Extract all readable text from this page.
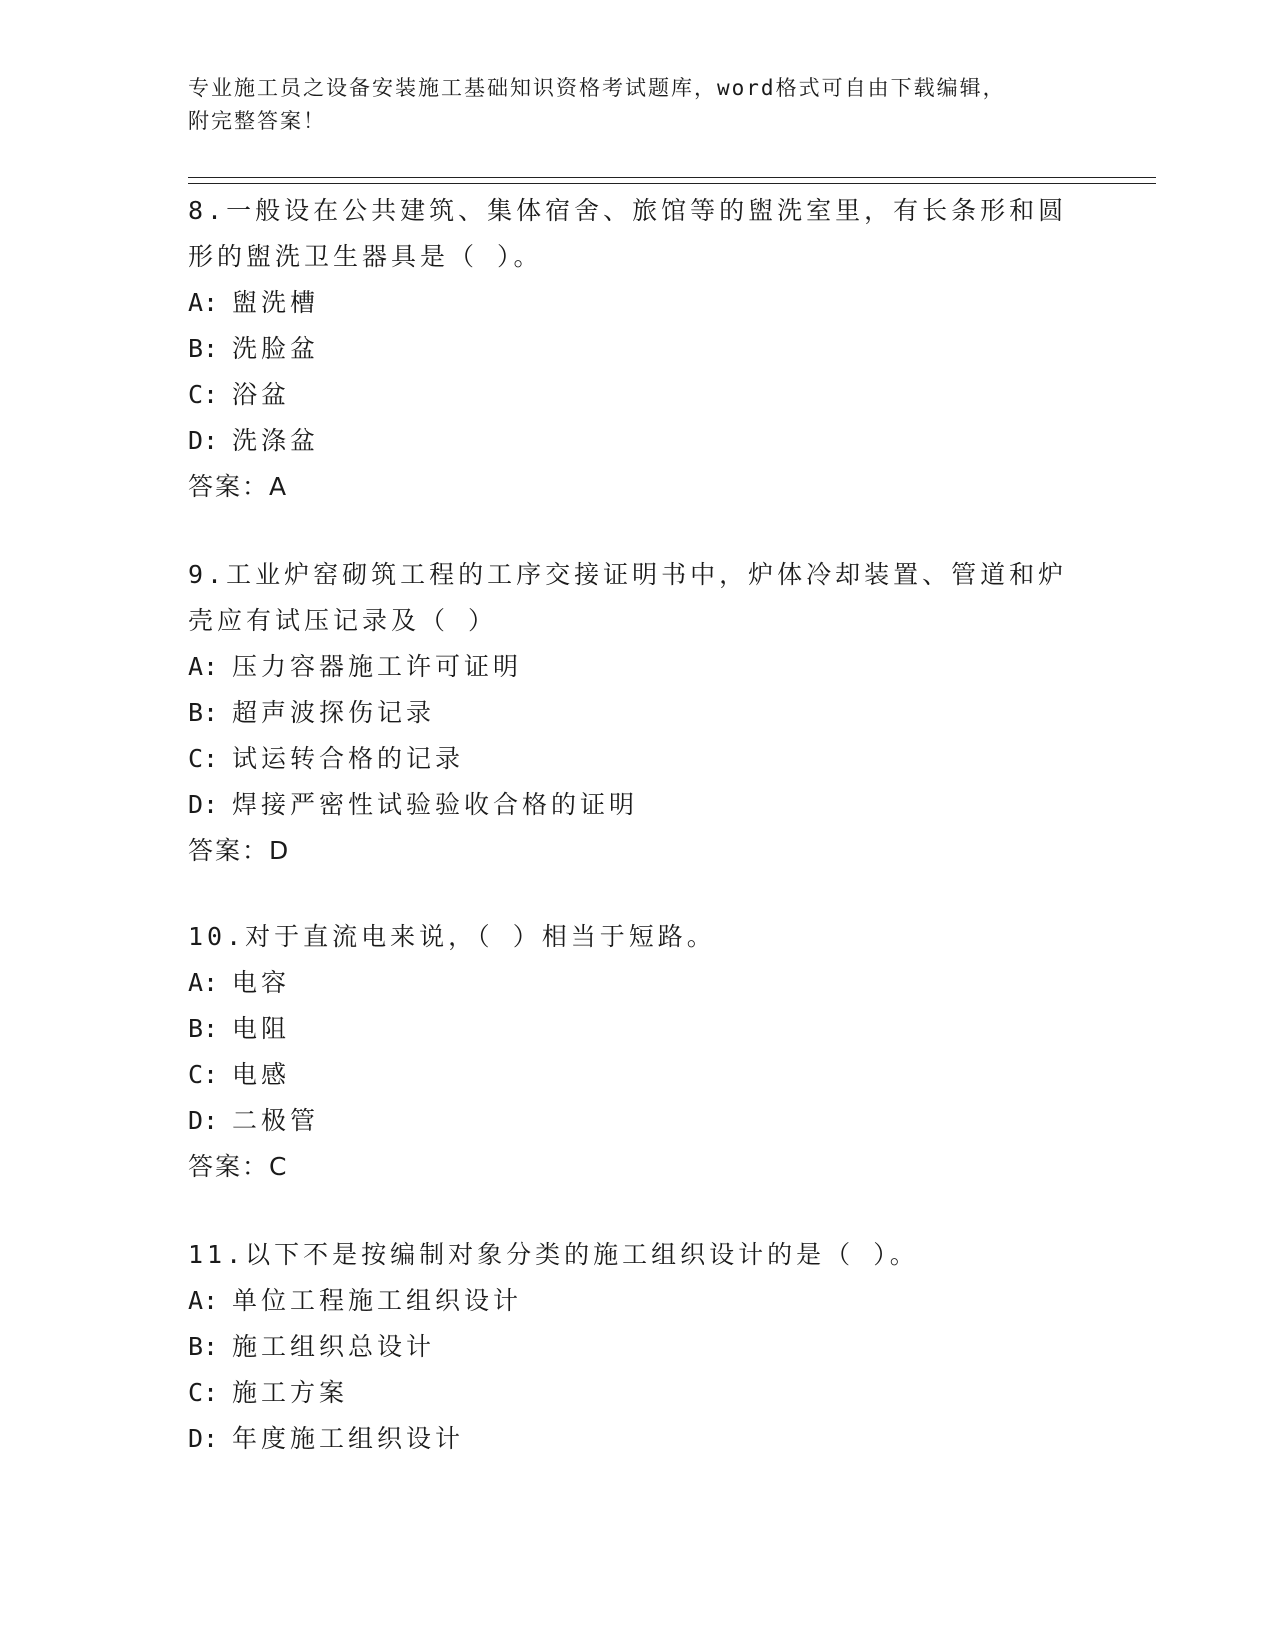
专业施工员之设备安装施工基础知识资格考试题库，word格式可自由下载编辑，
附完整答案！
8.一般设在公共建筑、集体宿舍、旅馆等的盥洗室里，有长条形和圆
形的盥洗卫生器具是（ ）。
A: 盥洗槽
B: 洗脸盆
C: 浴盆
D: 洗涤盆
答案：A
9.工业炉窑砌筑工程的工序交接证明书中，炉体冷却装置、管道和炉
壳应有试压记录及（ ）
A: 压力容器施工许可证明
B: 超声波探伤记录
C: 试运转合格的记录
D: 焊接严密性试验验收合格的证明
答案：D
10.对于直流电来说，（ ）相当于短路。
A: 电容
B: 电阻
C: 电感
D: 二极管
答案：C
11.以下不是按编制对象分类的施工组织设计的是（ ）。
A: 单位工程施工组织设计
B: 施工组织总设计
C: 施工方案
D: 年度施工组织设计
